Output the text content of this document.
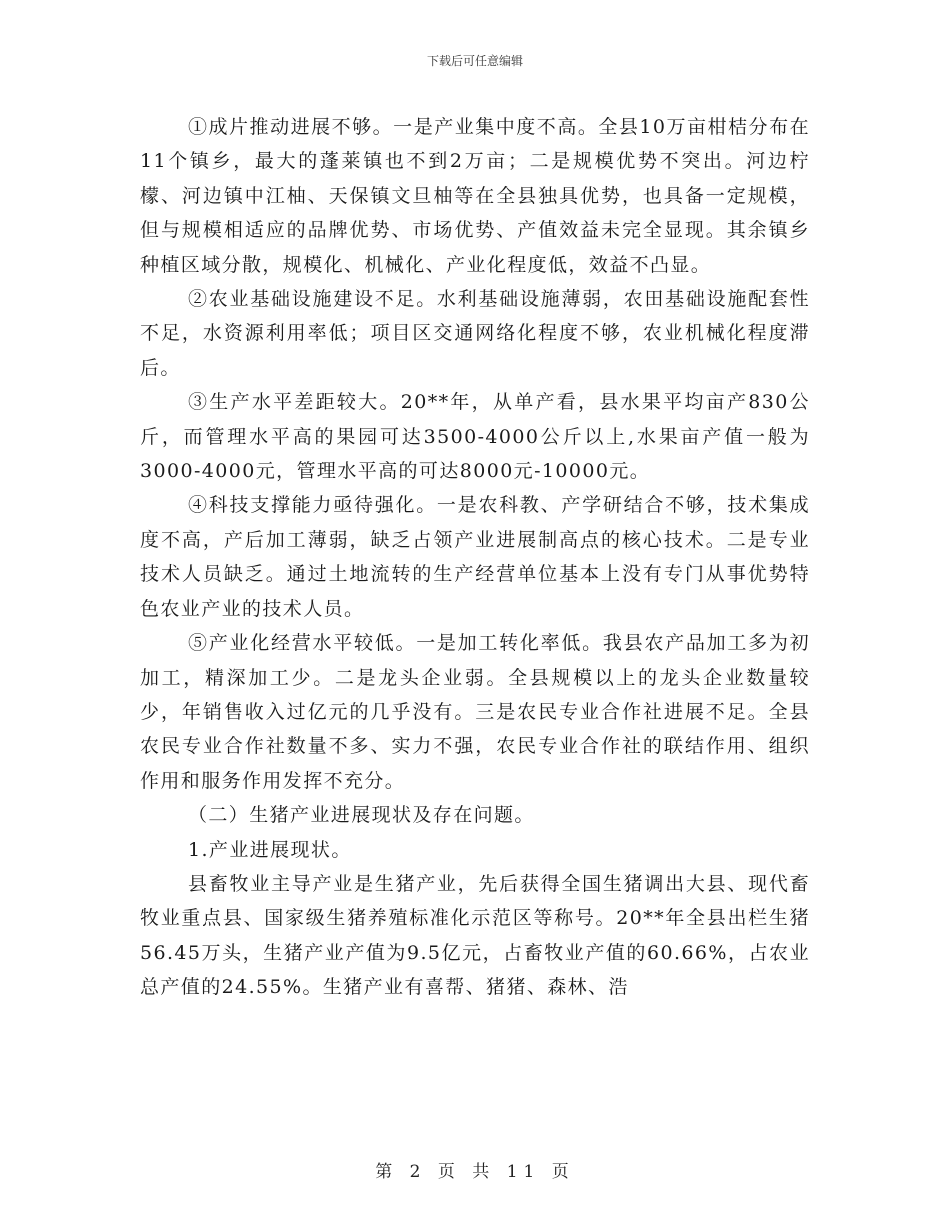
下载后可任意编辑

①成片推动进展不够。一是产业集中度不高。全县10万亩柑桔分布在11个镇乡，最大的蓬莱镇也不到2万亩；二是规模优势不突出。河边柠檬、河边镇中江柚、天保镇文旦柚等在全县独具优势，也具备一定规模，但与规模相适应的品牌优势、市场优势、产值效益未完全显现。其余镇乡种植区域分散，规模化、机械化、产业化程度低，效益不凸显。

②农业基础设施建设不足。水利基础设施薄弱，农田基础设施配套性不足，水资源利用率低；项目区交通网络化程度不够，农业机械化程度滞后。

③生产水平差距较大。20**年，从单产看，县水果平均亩产830公斤，而管理水平高的果园可达3500-4000公斤以上,水果亩产值一般为3000-4000元，管理水平高的可达8000元-10000元。

④科技支撑能力亟待强化。一是农科教、产学研结合不够，技术集成度不高，产后加工薄弱，缺乏占领产业进展制高点的核心技术。二是专业技术人员缺乏。通过土地流转的生产经营单位基本上没有专门从事优势特色农业产业的技术人员。

⑤产业化经营水平较低。一是加工转化率低。我县农产品加工多为初加工，精深加工少。二是龙头企业弱。全县规模以上的龙头企业数量较少，年销售收入过亿元的几乎没有。三是农民专业合作社进展不足。全县农民专业合作社数量不多、实力不强，农民专业合作社的联结作用、组织作用和服务作用发挥不充分。

（二）生猪产业进展现状及存在问题。

1.产业进展现状。

县畜牧业主导产业是生猪产业，先后获得全国生猪调出大县、现代畜牧业重点县、国家级生猪养殖标准化示范区等称号。20**年全县出栏生猪56.45万头，生猪产业产值为9.5亿元，占畜牧业产值的60.66%，占农业总产值的24.55%。生猪产业有喜帮、猪猪、森林、浩

第 2 页 共 11 页
